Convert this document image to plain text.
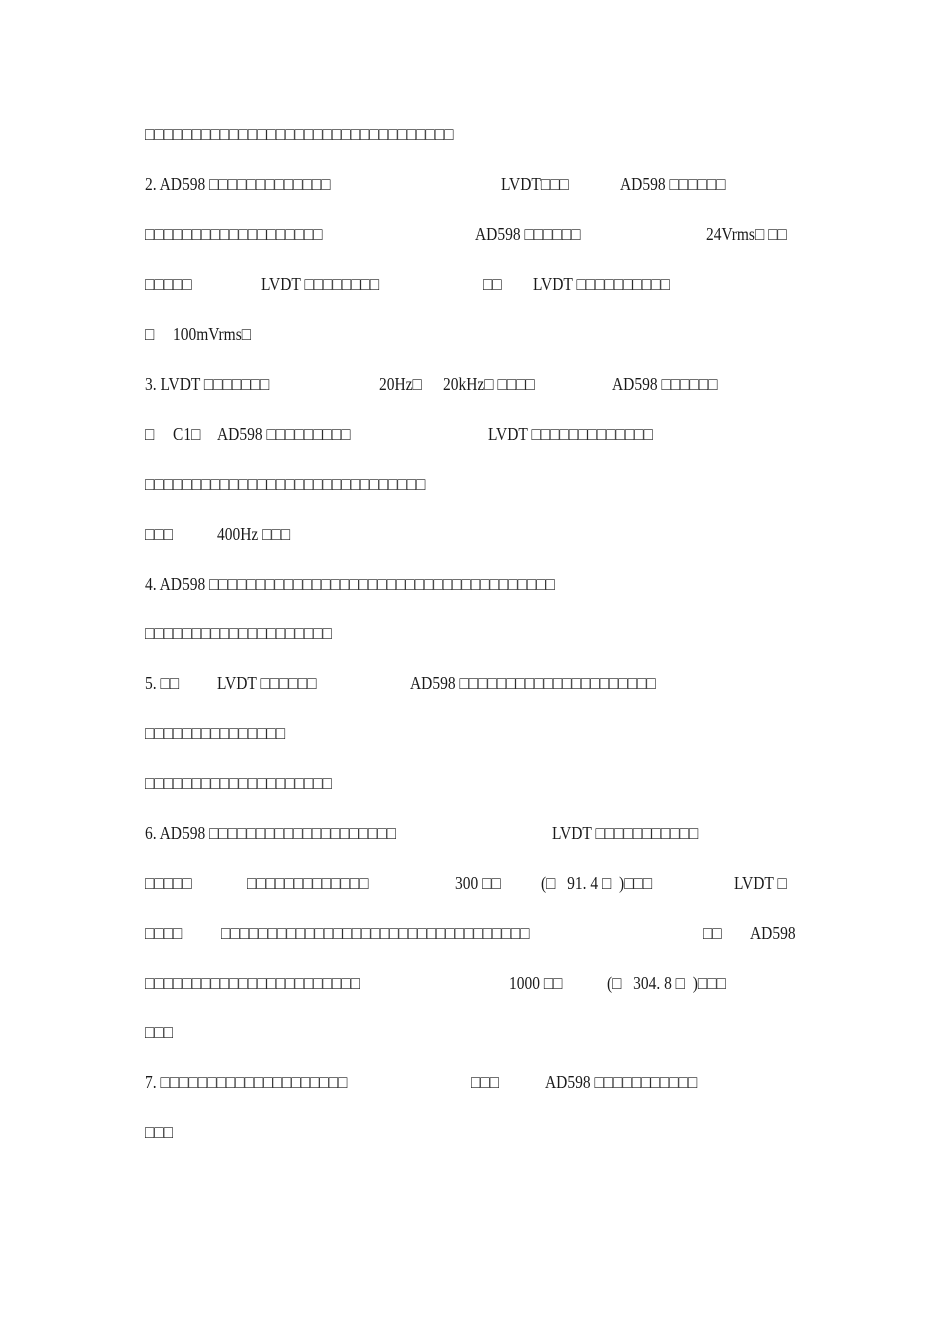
□□□□□□□□□□□□□□□□□□□□□□□□□□□□□□□□□
2. AD598 □□□□□□□□□□□□□	LVDT□□□	AD598 □□□□□□
□□□□□□□□□□□□□□□□□□□	AD598 □□□□□□	24Vrms□ □□
□□□□□	LVDT □□□□□□□□	□□ LVDT □□□□□□□□□□
□ 100mVrms□
3. LVDT □□□□□□□	20Hz□ 20kHz□ □□□□	AD598 □□□□□□
□ C1□ AD598 □□□□□□□□□	LVDT □□□□□□□□□□□□□
□□□□□□□□□□□□□□□□□□□□□□□□□□□□□□
□□□ 400Hz □□□
4. AD598 □□□□□□□□□□□□□□□□□□□□□□□□□□□□□□□□□□□□□
□□□□□□□□□□□□□□□□□□□□
5. □□ LVDT □□□□□□	AD598 □□□□□□□□□□□□□□□□□□□□□
□□□□□□□□□□□□□□□
□□□□□□□□□□□□□□□□□□□□
6. AD598 □□□□□□□□□□□□□□□□□□□□	LVDT □□□□□□□□□□□
□□□□□	□□□□□□□□□□□□□	300 □□ (□   91. 4 □  )□□□	LVDT □
□□□□ □□□□□□□□□□□□□□□□□□□□□□□□□□□□□□□□□	□□ AD598
□□□□□□□□□□□□□□□□□□□□□□□	1000 □□ (□   304. 8 □  )□□□
□□□
7. □□□□□□□□□□□□□□□□□□□□	□□□	AD598 □□□□□□□□□□□
□□□
